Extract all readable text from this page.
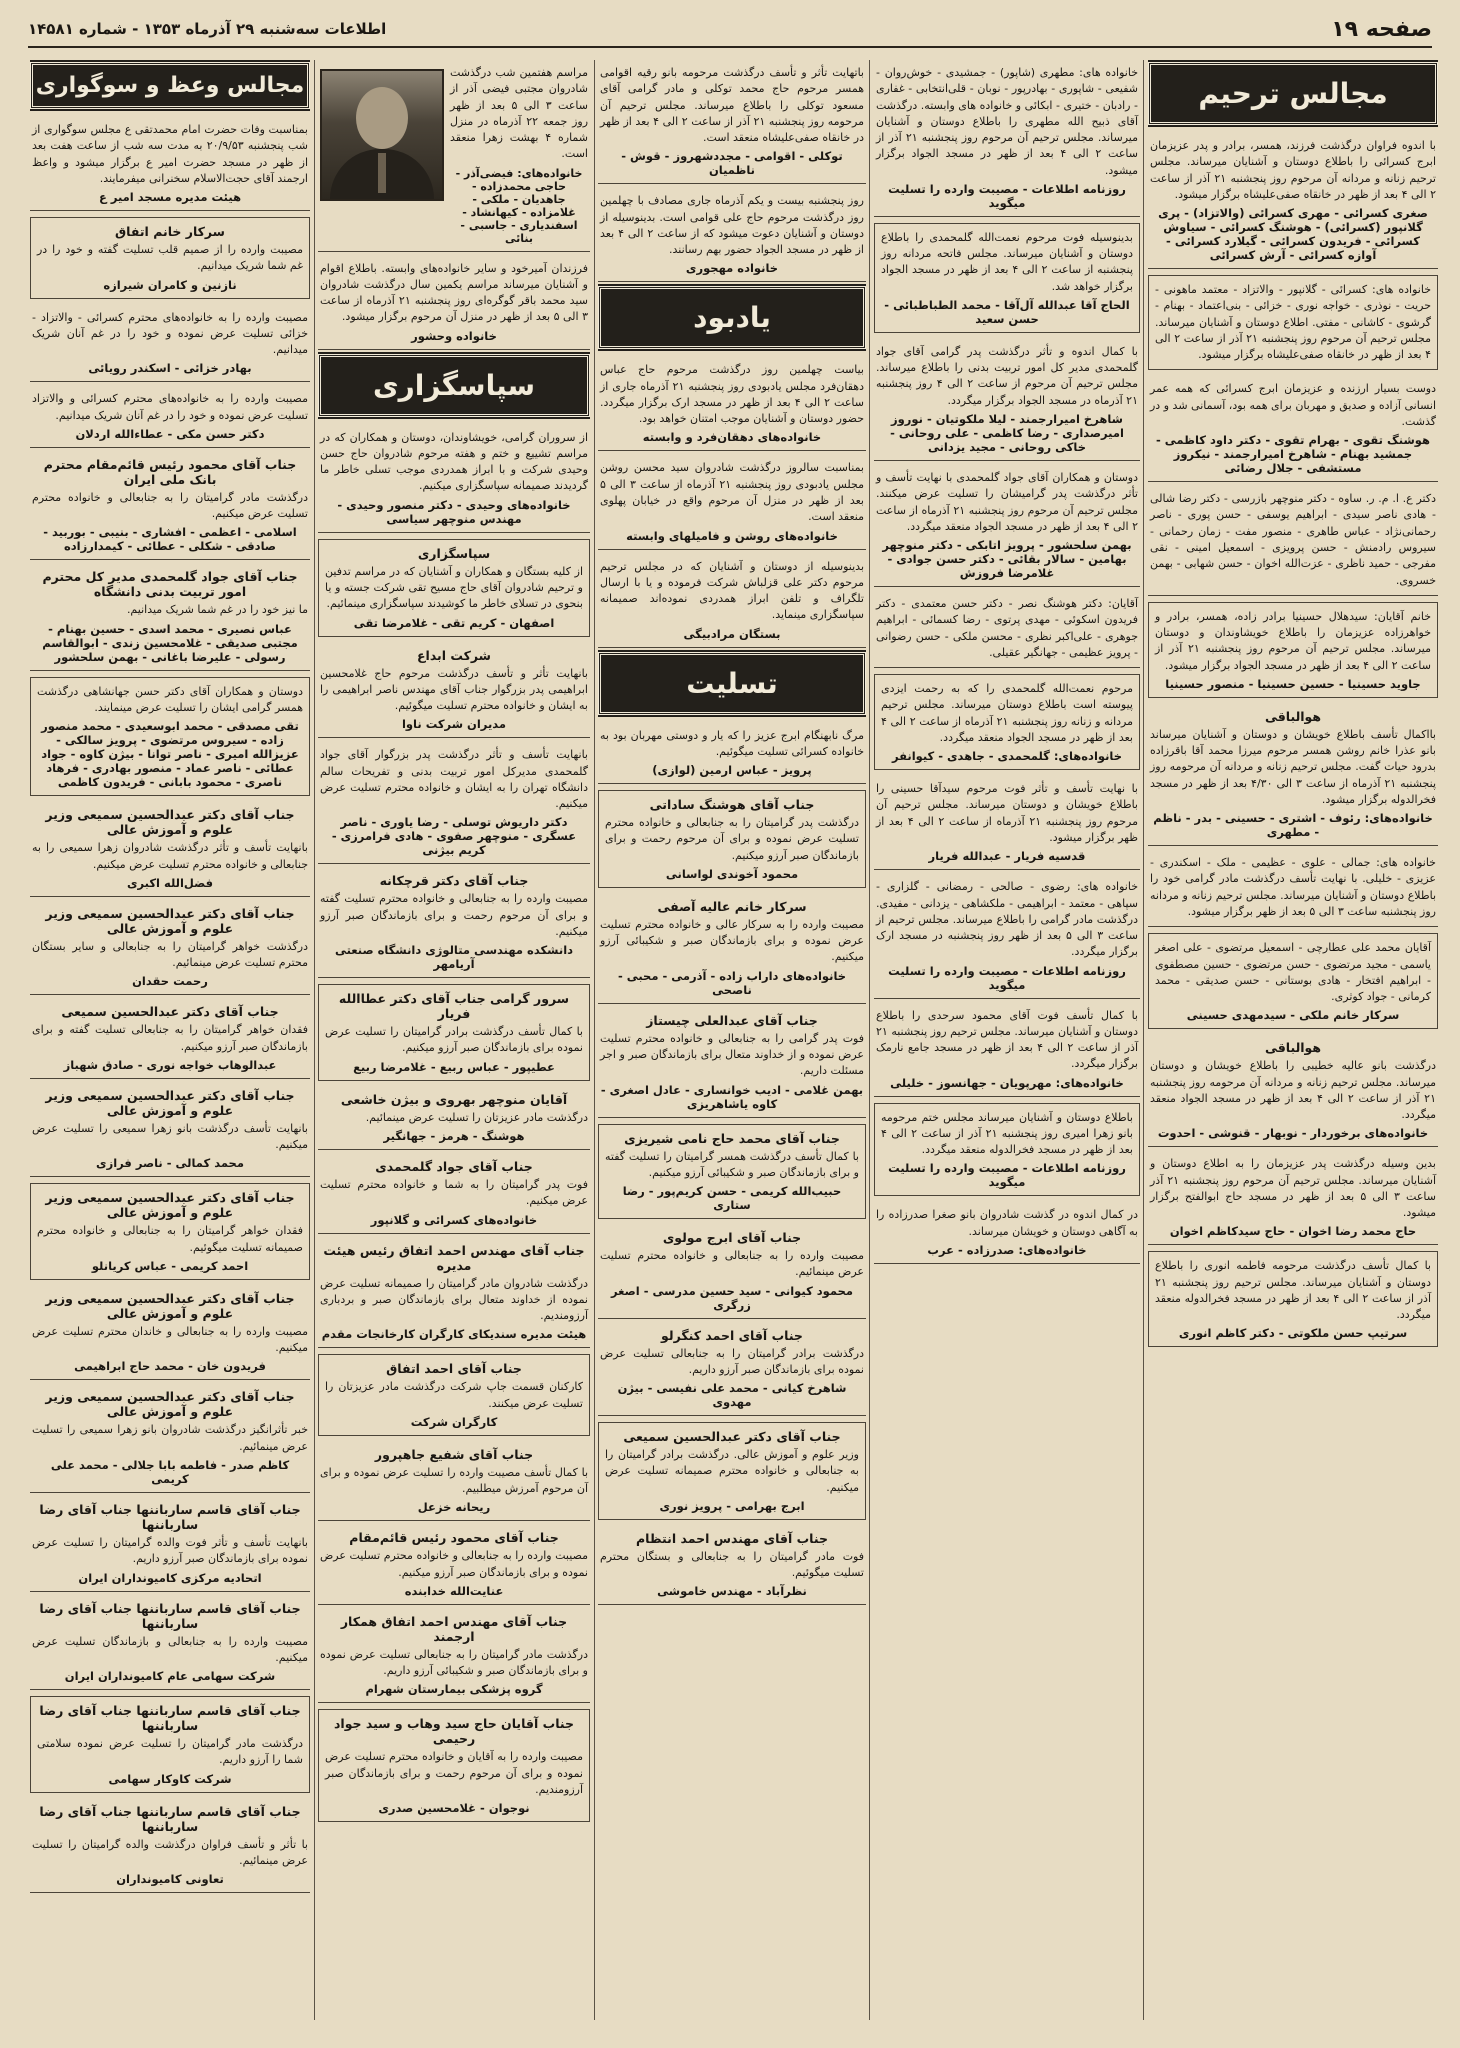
صفحه ۱۹
اطلاعات سه‌شنبه ۲۹ آذرماه ۱۳۵۳ - شماره ۱۴۵۸۱
مجالس ترحیم
با اندوه فراوان درگذشت فرزند، همسر، برادر و پدر عزیزمان ابرج کسرائی را باطلاع دوستان و آشنایان میرساند. مجلس ترحیم زنانه و مردانه آن مرحوم روز پنجشنبه ۲۱ آذر از ساعت ۲ الی ۴ بعد از ظهر در خانقاه صفی‌علیشاه برگزار میشود.
صغری کسرائی - مهری کسرائی (والاتزاد) - پری گلانپور (کسرائی) - هوشنگ کسرائی - سیاوش کسرائی - فریدون کسرائی - گیلارد کسرائی - آوازه کسرائی - آرش کسرائی
خانواده های: کسرائی - گلانپور - والاتزاد - معتمد ماهونی - حریت - نوذری - خواجه نوری - خزائی - بنی‌اعتماد - بهنام - گرشوی - کاشانی - مفتی. اطلاع دوستان و آشنایان میرساند. مجلس ترحیم آن مرحوم روز پنجشنبه ۲۱ آذر از ساعت ۲ الی ۴ بعد از ظهر در خانقاه صفی‌علیشاه برگزار میشود.
دوست بسیار ارزنده و عزیزمان ابرج کسرائی که همه عمر انسانی آزاده و صدیق و مهربان برای همه بود، آسمانی شد و در گذشت.
هوشنگ تقوی - بهرام تقوی - دکتر داود کاظمی - جمشید بهنام - شاهرخ امیرارجمند - نیکروز مستشفی - جلال رضائی
دکتر ع. ا. م. ر. ساوه - دکتر منوچهر بازرسی - دکتر رضا شالی - هادی ناصر سیدی - ابراهیم یوسفی - حسن پوری - ناصر رحمانی‌نژاد - عباس طاهری - منصور مفت - زمان رحمانی - سیروس رادمنش - حسن پرویزی - اسمعیل امینی - نقی مفرجی - حمید ناظری - عزت‌الله اخوان - حسن شهابی - بهمن خسروی.
خانم آقایان: سیدهلال حسینیا برادر زاده، همسر، برادر و خواهرزاده عزیزمان را باطلاع خویشاوندان و دوستان میرساند. مجلس ترحیم آن مرحوم روز پنجشنبه ۲۱ آذر از ساعت ۲ الی ۴ بعد از ظهر در مسجد الجواد برگزار میشود.
جاوید حسینیا - حسین حسینیا - منصور حسینیا
هوالباقی
بااکمال تأسف باطلاع خویشان و دوستان و آشنایان میرساند بانو عذرا خانم روشن همسر مرحوم میرزا محمد آقا باقرزاده بدرود حیات گفت. مجلس ترحیم زنانه و مردانه آن مرحومه روز پنجشنبه ۲۱ آذرماه از ساعت ۳ الی ۴/۳۰ بعد از ظهر در مسجد فخرالدوله برگزار میشود.
خانواده‌های: رئوف - اشتری - حسینی - بدر - ناظم - مطهری
خانواده های: جمالی - علوی - عظیمی - ملک - اسکندری - عزیزی - خلیلی. با نهایت تأسف درگذشت مادر گرامی خود را باطلاع دوستان و آشنایان میرساند. مجلس ترحیم زنانه و مردانه روز پنجشنبه ساعت ۳ الی ۵ بعد از ظهر برگزار میشود.
آقایان محمد علی عطارچی - اسمعیل مرتضوی - علی اصغر یاسمی - مجید مرتضوی - حسن مرتضوی - حسین مصطفوی - ابراهیم افتخار - هادی بوستانی - حسن صدیقی - محمد کرمانی - جواد کوثری.
سرکار خانم ملکی - سیدمهدی حسینی
هوالباقی
درگذشت بانو عالیه خطیبی را باطلاع خویشان و دوستان میرساند. مجلس ترحیم زنانه و مردانه آن مرحومه روز پنجشنبه ۲۱ آذر از ساعت ۲ الی ۴ بعد از ظهر در مسجد الجواد منعقد میگردد.
خانواده‌های برخوردار - نوبهار - قنوشی - احدوت
بدین وسیله درگذشت پدر عزیزمان را به اطلاع دوستان و آشنایان میرساند. مجلس ترحیم آن مرحوم روز پنجشنبه ۲۱ آذر ساعت ۳ الی ۵ بعد از ظهر در مسجد حاج ابوالفتح برگزار میشود.
حاج محمد رضا اخوان - حاج سیدکاظم اخوان
با کمال تأسف درگذشت مرحومه فاطمه انوری را باطلاع دوستان و آشنایان میرساند. مجلس ترحیم روز پنجشنبه ۲۱ آذر از ساعت ۲ الی ۴ بعد از ظهر در مسجد فخرالدوله منعقد میگردد.
سرتیپ حسن ملکوتی - دکتر کاظم انوری
خانواده های: مطهری (شاپور) - جمشیدی - خوش‌روان - شفیعی - شاپوری - بهادرپور - نوبان - قلی‌انتخابی - غفاری - رادبان - ختیری - ابکائی و خانواده های وابسته. درگذشت آقای ذبیح الله مطهری را باطلاع دوستان و آشنایان میرساند. مجلس ترحیم آن مرحوم روز پنجشنبه ۲۱ آذر از ساعت ۲ الی ۴ بعد از ظهر در مسجد الجواد برگزار میشود.
روزنامه اطلاعات - مصیبت وارده را تسلیت میگوید
بدینوسیله فوت مرحوم نعمت‌الله گلمحمدی را باطلاع دوستان و آشنایان میرساند. مجلس فاتحه مردانه روز پنجشنبه از ساعت ۲ الی ۴ بعد از ظهر در مسجد الجواد برگزار خواهد شد.
الحاج آقا عبدالله آل‌آقا - محمد الطباطبائی - حسن سعید
با کمال اندوه و تأثر درگذشت پدر گرامی آقای جواد گلمحمدی مدیر کل امور تربیت بدنی را باطلاع میرساند. مجلس ترحیم آن مرحوم از ساعت ۲ الی ۴ روز پنجشنبه ۲۱ آذرماه در مسجد الجواد برگزار میگردد.
شاهرخ امیرارجمند - لیلا ملکوتیان - نوروز امیرصداری - رضا کاظمی - علی روحانی - خاکی روحانی - مجید یزدانی
دوستان و همکاران آقای جواد گلمحمدی با نهایت تأسف و تأثر درگذشت پدر گرامیشان را تسلیت عرض میکنند. مجلس ترحیم آن مرحوم روز پنجشنبه ۲۱ آذرماه از ساعت ۲ الی ۴ بعد از ظهر در مسجد الجواد منعقد میگردد.
بهمن سلحشور - پرویز اتابکی - دکتر منوچهر بهامین - سالار بقائی - دکتر حسن جوادی - غلامرضا فروزش
آقایان: دکتر هوشنگ نصر - دکتر حسن معتمدی - دکتر فریدون اسکوئی - مهدی پرتوی - رضا کسمائی - ابراهیم جوهری - علی‌اکبر نظری - محسن ملکی - حسن رضوانی - پرویز عظیمی - جهانگیر عقیلی.
مرحوم نعمت‌الله گلمحمدی را که به رحمت ایزدی پیوسته است باطلاع دوستان میرساند. مجلس ترحیم مردانه و زنانه روز پنجشنبه ۲۱ آذرماه از ساعت ۲ الی ۴ بعد از ظهر در مسجد الجواد منعقد میگردد.
خانواده‌های: گلمحمدی - جاهدی - کیوانفر
با نهایت تأسف و تأثر فوت مرحوم سیدآقا حسینی را باطلاع خویشان و دوستان میرساند. مجلس ترحیم آن مرحوم روز پنجشنبه ۲۱ آذرماه از ساعت ۲ الی ۴ بعد از ظهر برگزار میشود.
قدسیه فریار - عبدالله فریار
خانواده های: رضوی - صالحی - رمضانی - گلزاری - سپاهی - معتمد - ابراهیمی - ملکشاهی - یزدانی - مفیدی. درگذشت مادر گرامی را باطلاع میرساند. مجلس ترحیم از ساعت ۳ الی ۵ بعد از ظهر روز پنجشنبه در مسجد ارک برگزار میگردد.
روزنامه اطلاعات - مصیبت وارده را تسلیت میگوید
با کمال تأسف فوت آقای محمود سرحدی را باطلاع دوستان و آشنایان میرساند. مجلس ترحیم روز پنجشنبه ۲۱ آذر از ساعت ۲ الی ۴ بعد از ظهر در مسجد جامع نارمک برگزار میگردد.
خانواده‌های: مهرپویان - جهانسوز - خلیلی
باطلاع دوستان و آشنایان میرساند مجلس ختم مرحومه بانو زهرا امیری روز پنجشنبه ۲۱ آذر از ساعت ۲ الی ۴ بعد از ظهر در مسجد فخرالدوله منعقد میگردد.
روزنامه اطلاعات - مصیبت وارده را تسلیت میگوید
در کمال اندوه در گذشت شادروان بانو صغرا صدرزاده را به آگاهی دوستان و خویشان میرساند.
خانواده‌های: صدرزاده - عرب
باتهایت تأثر و تأسف درگذشت مرحومه بانو رقیه اقوامی همسر مرحوم حاج محمد توکلی و مادر گرامی آقای مسعود توکلی را باطلاع میرساند. مجلس ترحیم آن مرحومه روز پنجشنبه ۲۱ آذر از ساعت ۲ الی ۴ بعد از ظهر در خانقاه صفی‌علیشاه منعقد است.
توکلی - اقوامی - مجددشهروز - قوش - ناظمیان
روز پنجشنبه بیست و یکم آذرماه جاری مصادف با چهلمین روز درگذشت مرحوم حاج علی قوامی است. بدینوسیله از دوستان و آشنایان دعوت میشود که از ساعت ۲ الی ۴ بعد از ظهر در مسجد الجواد حضور بهم رسانند.
خانواده مهجوری
یادبود
بیاست چهلمین روز درگذشت مرحوم حاج عباس دهقان‌فرد مجلس یادبودی روز پنجشنبه ۲۱ آذرماه جاری از ساعت ۲ الی ۴ بعد از ظهر در مسجد ارک برگزار میگردد. حضور دوستان و آشنایان موجب امتنان خواهد بود.
خانواده‌های دهقان‌فرد و وابسته
بمناسبت سالروز درگذشت شادروان سید محسن روشن مجلس یادبودی روز پنجشنبه ۲۱ آذرماه از ساعت ۳ الی ۵ بعد از ظهر در منزل آن مرحوم واقع در خیابان پهلوی منعقد است.
خانواده‌های روشن و فامیلهای وابسته
بدینوسیله از دوستان و آشنایان که در مجلس ترحیم مرحوم دکتر علی قزلباش شرکت فرموده و یا با ارسال تلگراف و تلفن ابراز همدردی نموده‌اند صمیمانه سپاسگزاری مینماید.
بستگان مرادبیگی
تسلیت
مرگ نابهنگام ابرج عزیز را که یار و دوستی مهربان بود به خانواده کسرائی تسلیت میگوئیم.
پرویز - عباس ارمین (لوازی)
جناب آقای هوشنگ ساداتی
درگذشت پدر گرامیتان را به جنابعالی و خانواده محترم تسلیت عرض نموده و برای آن مرحوم رحمت و برای بازماندگان صبر آرزو میکنیم.
محمود آخوندی لواسانی
سرکار خانم عالیه آصفی
مصیبت وارده را به سرکار عالی و خانواده محترم تسلیت عرض نموده و برای بازماندگان صبر و شکیبائی آرزو میکنیم.
خانواده‌های داراب زاده - آذرمی - محبی - ناصحی
جناب آقای عبدالعلی چیستاز
فوت پدر گرامی را به جنابعالی و خانواده محترم تسلیت عرض نموده و از خداوند متعال برای بازماندگان صبر و اجر مسئلت داریم.
بهمن غلامی - ادیب خوانساری - عادل اصغری - کاوه یاشاهریزی
جناب آقای محمد حاج نامی شیریزی
با کمال تأسف درگذشت همسر گرامیتان را تسلیت گفته و برای بازماندگان صبر و شکیبائی آرزو میکنیم.
حبیب‌الله کریمی - حسن کریم‌پور - رضا ستاری
جناب آقای ابرج مولوی
مصیبت وارده را به جنابعالی و خانواده محترم تسلیت عرض مینمائیم.
محمود کیوانی - سید حسین مدرسی - اصغر زرگری
جناب آقای احمد کنگرلو
درگذشت برادر گرامیتان را به جنابعالی تسلیت عرض نموده برای بازماندگان صبر آرزو داریم.
شاهرخ کیانی - محمد علی نفیسی - بیژن مهدوی
جناب آقای دکتر عبدالحسین سمیعی
وزیر علوم و آموزش عالی. درگذشت برادر گرامیتان را به جنابعالی و خانواده محترم صمیمانه تسلیت عرض میکنیم.
ابرج بهرامی - پرویز نوری
جناب آقای مهندس احمد انتظام
فوت مادر گرامیتان را به جنابعالی و بستگان محترم تسلیت میگوئیم.
نظرآباد - مهندس خاموشی
مراسم هفتمین شب درگذشت شادروان مجتبی فیضی آذر از ساعت ۳ الی ۵ بعد از ظهر روز جمعه ۲۲ آذرماه در منزل شماره ۴ بهشت زهرا منعقد است.
خانواده‌های: فیضی‌آذر - حاجی محمدزاده - جاهدیان - ملکی - غلامزاده - کیهانشاد - اسفندیاری - جاسبی - بنائی
فرزندان آمیرخود و سایر خانواده‌های وابسته. باطلاع اقوام و آشنایان میرساند مراسم یکمین سال درگذشت شادروان سید محمد باقر گوگره‌ای روز پنجشنبه ۲۱ آذرماه از ساعت ۳ الی ۵ بعد از ظهر در منزل آن مرحوم برگزار میشود.
خانواده وحشور
سپاسگزاری
از سروران گرامی، خویشاوندان، دوستان و همکاران که در مراسم تشییع و ختم و هفته مرحوم شادروان حاج حسن وحیدی شرکت و با ابراز همدردی موجب تسلی خاطر ما گردیدند صمیمانه سپاسگزاری میکنیم.
خانواده‌های وحیدی - دکتر منصور وحیدی - مهندس منوچهر سیاسی
سپاسگزاری
از کلیه بستگان و همکاران و آشنایان که در مراسم تدفین و ترحیم شادروان آقای حاج مسیح تقی شرکت جسته و یا بنحوی در تسلای خاطر ما کوشیدند سپاسگزاری مینمائیم.
اصفهان - کریم تقی - غلامرضا تقی
شرکت ابداع
بانهایت تأثر و تأسف درگذشت مرحوم حاج غلامحسین ابراهیمی پدر بزرگوار جناب آقای مهندس ناصر ابراهیمی را به ایشان و خانواده محترم تسلیت میگوئیم.
مدیران شرکت ناوا
بانهایت تأسف و تأثر درگذشت پدر بزرگوار آقای جواد گلمحمدی مدیرکل امور تربیت بدنی و تفریحات سالم دانشگاه تهران را به ایشان و خانواده محترم تسلیت عرض میکنیم.
دکتر داریوش توسلی - رضا یاوری - ناصر عسگری - منوچهر صفوی - هادی فرامرزی - کریم بیژنی
جناب آقای دکتر قرچکانه
مصیبت وارده را به جنابعالی و خانواده محترم تسلیت گفته و برای آن مرحوم رحمت و برای بازماندگان صبر آرزو میکنیم.
دانشکده مهندسی متالوژی دانشگاه صنعتی آریامهر
سرور گرامی جناب آقای دکتر عطاالله فریار
با کمال تأسف درگذشت برادر گرامیتان را تسلیت عرض نموده برای بازماندگان صبر آرزو میکنیم.
عطیپور - عباس ربیع - غلامرضا ربیع
آقایان منوچهر بهروی و بیژن خاشعی
درگذشت مادر عزیزتان را تسلیت عرض مینمائیم.
هوشنگ - هرمز - جهانگیر
جناب آقای جواد گلمحمدی
فوت پدر گرامیتان را به شما و خانواده محترم تسلیت عرض میکنیم.
خانواده‌های کسرائی و گلانپور
جناب آقای مهندس احمد اتفاق رئیس هیئت مدیره
درگذشت شادروان مادر گرامیتان را صمیمانه تسلیت عرض نموده از خداوند متعال برای بازماندگان صبر و بردباری آرزومندیم.
هیئت مدیره سندیکای کارگران کارخانجات مقدم
جناب آقای احمد اتفاق
کارکنان قسمت جاپ شرکت درگذشت مادر عزیزتان را تسلیت عرض میکنند.
کارگران شرکت
جناب آقای شفیع جاهپرور
با کمال تأسف مصیبت وارده را تسلیت عرض نموده و برای آن مرحوم آمرزش میطلبیم.
ریحانه خزعل
جناب آقای محمود رئیس قائم‌مقام
مصیبت وارده را به جنابعالی و خانواده محترم تسلیت عرض نموده و برای بازماندگان صبر آرزو میکنیم.
عنایت‌الله خدابنده
جناب آقای مهندس احمد اتفاق همکار ارجمند
درگذشت مادر گرامیتان را به جنابعالی تسلیت عرض نموده و برای بازماندگان صبر و شکیبائی آرزو داریم.
گروه پزشکی بیمارستان شهرام
جناب آقایان حاج سید وهاب و سید جواد رحیمی
مصیبت وارده را به آقایان و خانواده محترم تسلیت عرض نموده و برای آن مرحوم رحمت و برای بازماندگان صبر آرزومندیم.
نوجوان - غلامحسین صدری
مجالس وعظ و سوگواری
بمناسبت وفات حضرت امام محمدتقی ع مجلس سوگواری از شب پنجشنبه ۲۰/۹/۵۳ به مدت سه شب از ساعت هفت بعد از ظهر در مسجد حضرت امیر ع برگزار میشود و واعظ ارجمند آقای حجت‌الاسلام سخنرانی میفرمایند.
هیئت مدیره مسجد امیر ع
سرکار خانم اتفاق
مصیبت وارده را از صمیم قلب تسلیت گفته و خود را در غم شما شریک میدانیم.
نازنین و کامران شیرازه
مصیبت وارده را به خانواده‌های محترم کسرائی - والاتزاد - خزائی تسلیت عرض نموده و خود را در غم آنان شریک میدانیم.
بهادر خزائی - اسکندر رویائی
مصیبت وارده را به خانواده‌های محترم کسرائی و والاتزاد تسلیت عرض نموده و خود را در غم آنان شریک میدانیم.
دکتر حسن مکی - عطاءالله اردلان
جناب آقای محمود رئیس قائم‌مقام محترم بانک ملی ایران
درگذشت مادر گرامیتان را به جنابعالی و خانواده محترم تسلیت عرض میکنیم.
اسلامی - اعظمی - افشاری - بنیبی - بوربید - صادقی - شکلی - عطائی - کیمدارزاده
جناب آقای جواد گلمحمدی مدیر کل محترم امور تربیت بدنی دانشگاه
ما نیز خود را در غم شما شریک میدانیم.
عباس نصیری - محمد اسدی - حسین بهنام - مجتبی صدیقی - غلامحسین زندی - ابوالقاسم رسولی - علیرضا باغانی - بهمن سلحشور
دوستان و همکاران آقای دکتر حسن جهانشاهی درگذشت همسر گرامی ایشان را تسلیت عرض مینمایند.
تقی مصدقی - محمد ابوسعیدی - محمد منصور زاده - سیروس مرتضوی - پرویز سالکی - عزیزالله امیری - ناصر توانا - بیژن کاوه - جواد عطائی - ناصر عماد - منصور بهادری - فرهاد ناصری - محمود بابانی - فریدون کاظمی
جناب آقای دکتر عبدالحسین سمیعی وزیر علوم و آموزش عالی
بانهایت تأسف و تأثر درگذشت شادروان زهرا سمیعی را به جنابعالی و خانواده محترم تسلیت عرض میکنیم.
فضل‌الله اکبری
جناب آقای دکتر عبدالحسین سمیعی وزیر علوم و آموزش عالی
درگذشت خواهر گرامیتان را به جنابعالی و سایر بستگان محترم تسلیت عرض مینمائیم.
رحمت حقدان
جناب آقای دکتر عبدالحسین سمیعی
فقدان خواهر گرامیتان را به جنابعالی تسلیت گفته و برای بازماندگان صبر آرزو میکنیم.
عبدالوهاب خواجه نوری - صادق شهباز
جناب آقای دکتر عبدالحسین سمیعی وزیر علوم و آموزش عالی
بانهایت تأسف درگذشت بانو زهرا سمیعی را تسلیت عرض میکنیم.
محمد کمالی - ناصر فرازی
جناب آقای دکتر عبدالحسین سمیعی وزیر علوم و آموزش عالی
فقدان خواهر گرامیتان را به جنابعالی و خانواده محترم صمیمانه تسلیت میگوئیم.
احمد کریمی - عباس کریانلو
جناب آقای دکتر عبدالحسین سمیعی وزیر علوم و آموزش عالی
مصیبت وارده را به جنابعالی و خاندان محترم تسلیت عرض میکنیم.
فریدون خان - محمد حاج ابراهیمی
جناب آقای دکتر عبدالحسین سمیعی وزیر علوم و آموزش عالی
خبر تأثرانگیز درگذشت شادروان بانو زهرا سمیعی را تسلیت عرض مینمائیم.
کاظم صدر - فاطمه بابا جلالی - محمد علی کریمی
جناب آقای قاسم سارباننها جناب آقای رضا سارباننها
بانهایت تأسف و تأثر فوت والده گرامیتان را تسلیت عرض نموده برای بازماندگان صبر آرزو داریم.
اتحادیه مرکزی کامیونداران ایران
جناب آقای قاسم سارباننها جناب آقای رضا سارباننها
مصیبت وارده را به جنابعالی و بازماندگان تسلیت عرض میکنیم.
شرکت سهامی عام کامیونداران ایران
جناب آقای قاسم سارباننها جناب آقای رضا سارباننها
درگذشت مادر گرامیتان را تسلیت عرض نموده سلامتی شما را آرزو داریم.
شرکت کاوکار سهامی
جناب آقای قاسم سارباننها جناب آقای رضا سارباننها
با تأثر و تأسف فراوان درگذشت والده گرامیتان را تسلیت عرض مینمائیم.
تعاونی کامیونداران
